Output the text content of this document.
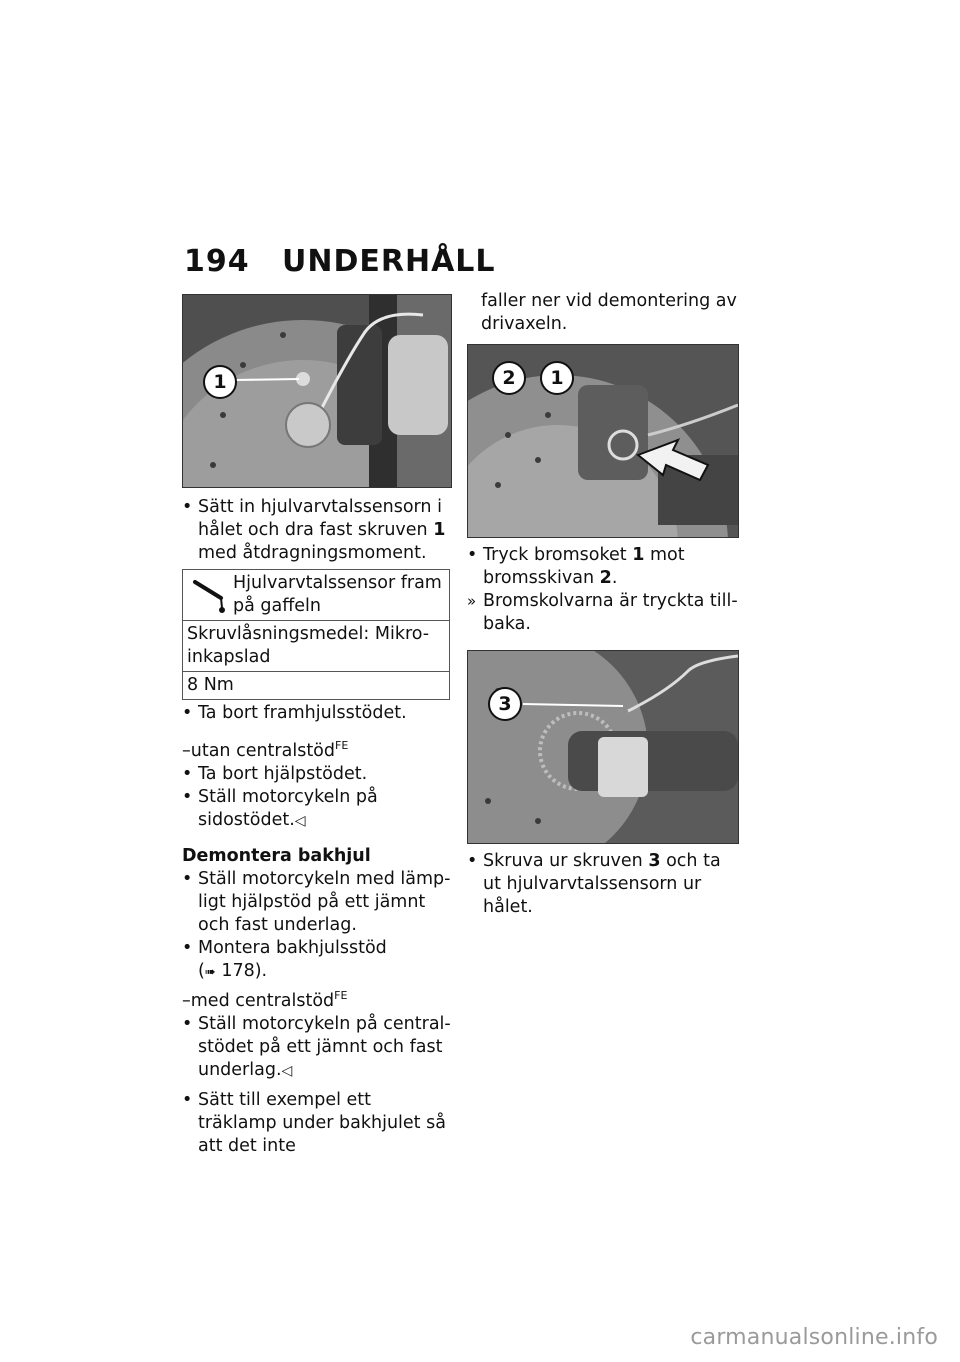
194 UNDERHÅLL
1

• Sätt in hjulvarvtalssensorn i hålet och dra fast skruven 1 med åtdragningsmoment.

Hjulvarvtalssensor fram på gaffeln
Skruvlåsningsmedel: Mikro-inkapslad
8 Nm

• Ta bort framhjulsstödet.

–utan centralstöd$^{FE}$

• Ta bort hjälpstödet.

• Ställ motorcykeln på sidostödet.◁

Demontera bakhjul

• Ställ motorcykeln med lämp-ligt hjälpstöd på ett jämnt och fast underlag.

• Montera bakhjulsstöd
(➠ 178).

–med centralstöd$^{FE}$

• Ställ motorcykeln på central-stödet på ett jämnt och fast underlag.◁

• Sätt till exempel ett träklamp under bakhjulet så att det inte

faller ner vid demontering av drivaxeln.

2	1

• Tryck bromsoket 1 mot bromsskivan 2.

» Bromskolvarna är tryckta till-baka.

3

• Skruva ur skruven 3 och ta ut hjulvarvtalssensorn ur hålet.

carmanualsonline.info
